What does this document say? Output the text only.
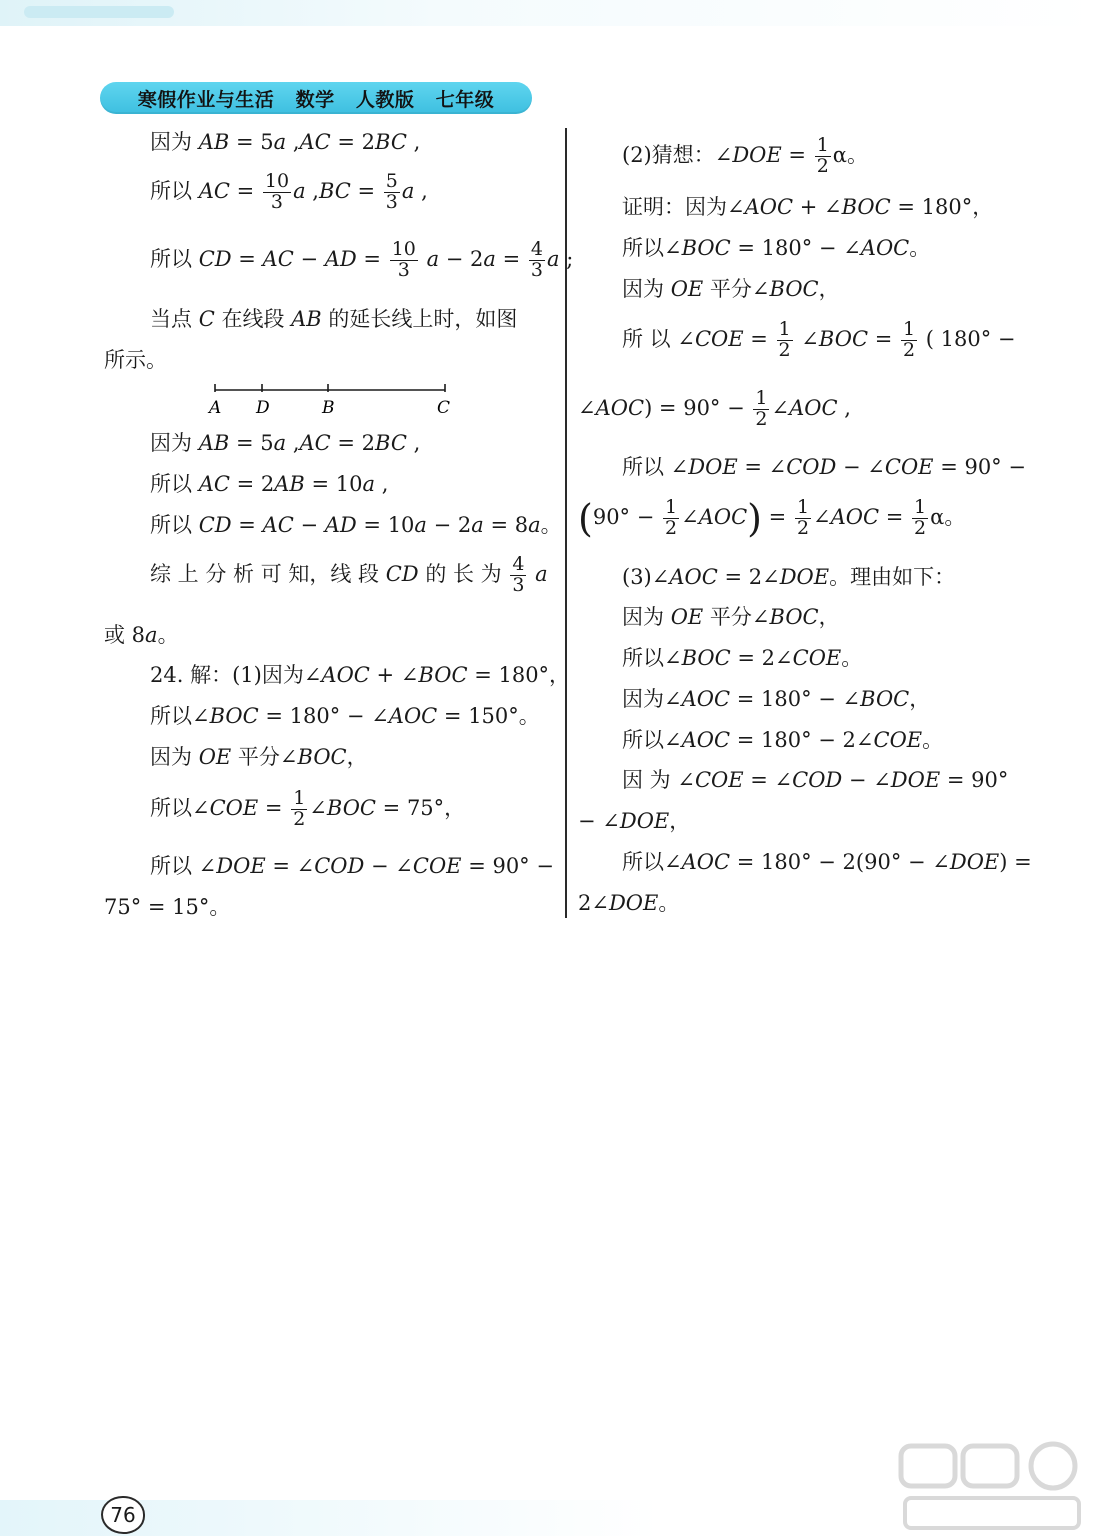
寒假作业与生活   数学   人教版   七年级
因为 AB = 5a ,AC = 2BC ,
所以 AC = $\frac{10}{3}$ a $,BC = \frac{5}{3}$ a ,
所以 CD = AC − AD = $\frac{10}{3}$ $a - 2a = \frac{4}{3}$ a ;
当点 C 在线段 AB 的延长线上时，如图
所示。
A D	B	C
因为 AB = 5a ,AC = 2BC ,
所以 AC = 2AB = 10a ,
所以 CD = AC − AD = 10a − 2a = 8a。
综 上 分 析 可 知，线 段 CD 的 长 为 $\frac{4}{3}$ a
或 8a。
24. 解：(1)因为∠AOC + ∠BOC = 180°，
所以∠BOC = 180° − ∠AOC = 150°。
因为 OE 平分∠BOC，
所以∠COE = $\frac{1}{2}$ ∠BOC = 75°，
所以 ∠DOE = ∠COD − ∠COE = 90° −
75° = 15°。
(2)猜想：∠DOE = $\frac{1}{2}$ α。
证明：因为∠AOC + ∠BOC = 180°，
所以∠BOC = 180° − ∠AOC。
因为 OE 平分∠BOC，
所 以 ∠COE = $\frac{1}{2}$ ∠BOC = $\frac{1}{2}$ ( 180° −
∠AOC) = $90^\circ - \frac{1}{2}$ ∠AOC ,
所以 ∠DOE = ∠COD − ∠COE = 90° −
($90^\circ - \frac{1}{2}$ ∠AOC) = $\frac{1}{2}$ ∠AOC = $\frac{1}{2}$ α。
(3)∠AOC = 2∠DOE。理由如下：
因为 OE 平分∠BOC，
所以∠BOC = 2∠COE。
因为∠AOC = 180° − ∠BOC，
所以∠AOC = 180° − 2∠COE。
因 为 ∠COE = ∠COD − ∠DOE = 90°
− ∠DOE，
所以∠AOC = 180° − 2(90° − ∠DOE) =
2∠DOE。
76
